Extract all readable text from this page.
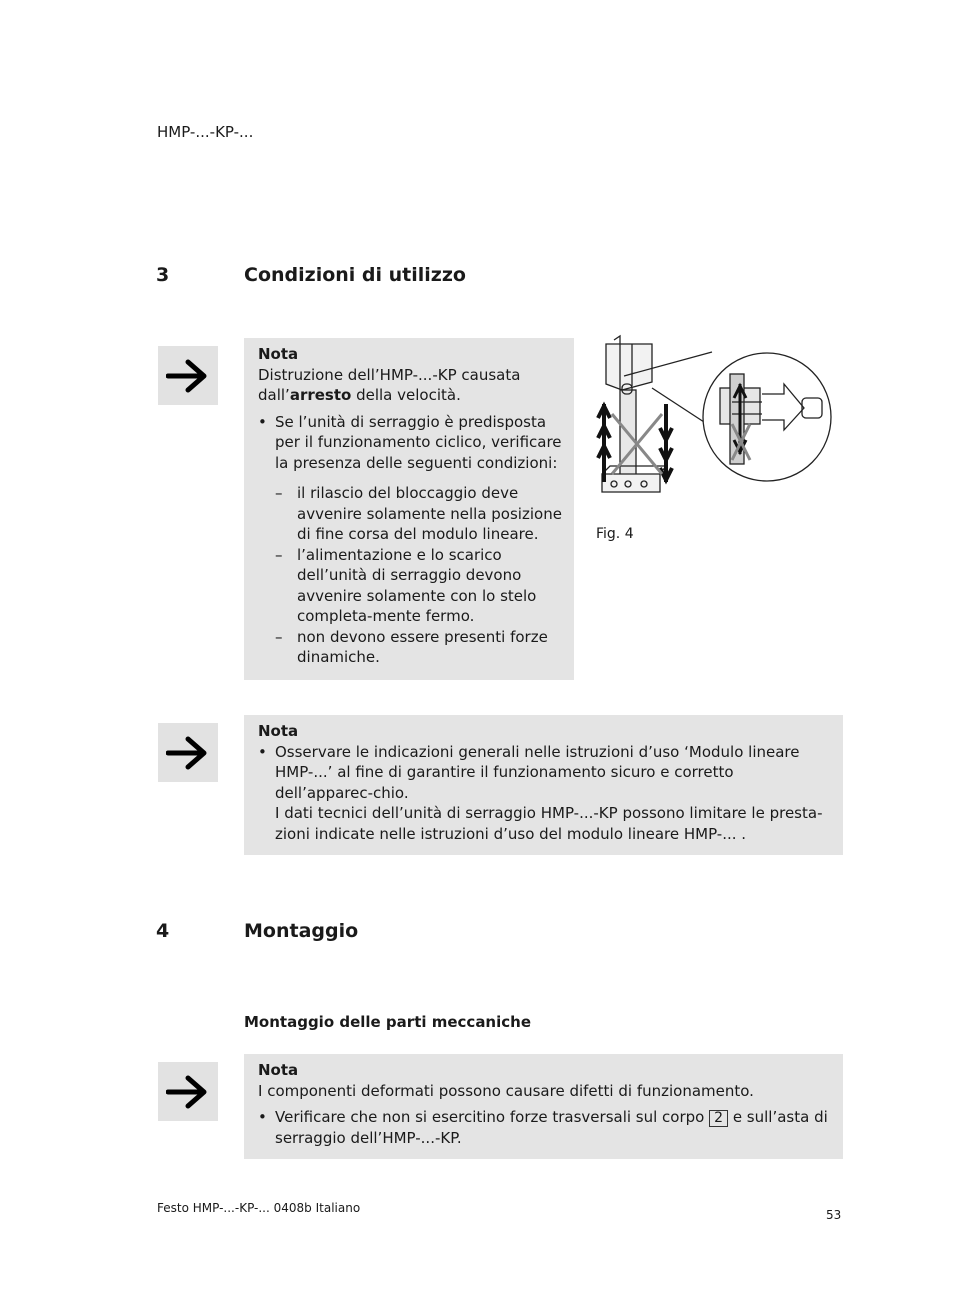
HMP-...-KP-...
3	Condizioni di utilizzo
Nota
Distruzione dell’HMP-...-KP causata
dall’arresto della velocità.
• Se l’unità di serraggio è predisposta per il funzionamento ciclico, verificare la presenza delle seguenti condizioni:
– il rilascio del bloccaggio deve avvenire solamente nella posizione di fine corsa del modulo lineare.
– l’alimentazione e lo scarico dell’unità di serraggio devono avvenire solamente con lo stelo completa-mente fermo.
– non devono essere presenti forze dinamiche.
Fig. 4
Nota
• Osservare le indicazioni generali nelle istruzioni d’uso ‘Modulo lineare HMP-...’ al fine di garantire il funzionamento sicuro e corretto dell’apparec-chio.
I dati tecnici dell’unità di serraggio HMP-...-KP possono limitare le presta-zioni indicate nelle istruzioni d’uso del modulo lineare HMP-... .
4	Montaggio
Montaggio delle parti meccaniche
Nota
I componenti deformati possono causare difetti di funzionamento.
• Verificare che non si esercitino forze trasversali sul corpo 2 e sull’asta di serraggio dell’HMP-...-KP.
Festo HMP-...-KP-... 0408b Italiano	53
